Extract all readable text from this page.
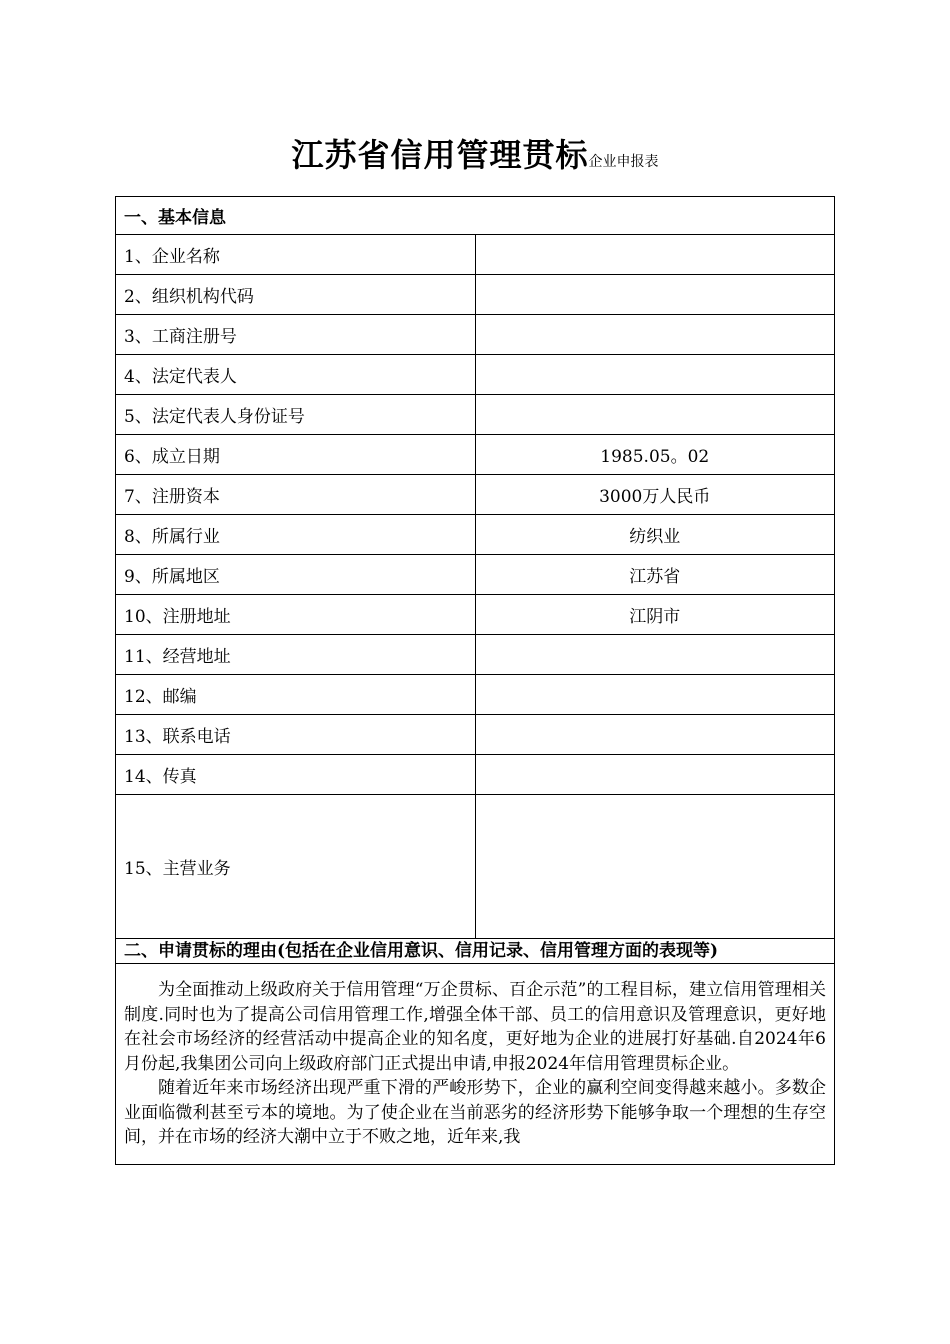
江苏省信用管理贯标企业申报表
一、基本信息	
1、企业名称	
2、组织机构代码	
3、工商注册号	
4、法定代表人	
5、法定代表人身份证号	
6、成立日期	1985.05。02
7、注册资本	3000万人民币
8、所属行业	纺织业
9、所属地区	江苏省
10、注册地址	江阴市
11、经营地址	
12、邮编	
13、联系电话	
14、传真	
15、主营业务	
二、申请贯标的理由(包括在企业信用意识、信用记录、信用管理方面的表现等)	

为全面推动上级政府关于信用管理“万企贯标、百企示范”的工程目标，建立信用管理相关制度.同时也为了提高公司信用管理工作,增强全体干部、员工的信用意识及管理意识，更好地在社会市场经济的经营活动中提高企业的知名度，更好地为企业的进展打好基础.自2024年6月份起,我集团公司向上级政府部门正式提出申请,申报2024年信用管理贯标企业。

随着近年来市场经济出现严重下滑的严峻形势下，企业的赢利空间变得越来越小。多数企业面临微利甚至亏本的境地。为了使企业在当前恶劣的经济形势下能够争取一个理想的生存空间，并在市场的经济大潮中立于不败之地，近年来,我	
